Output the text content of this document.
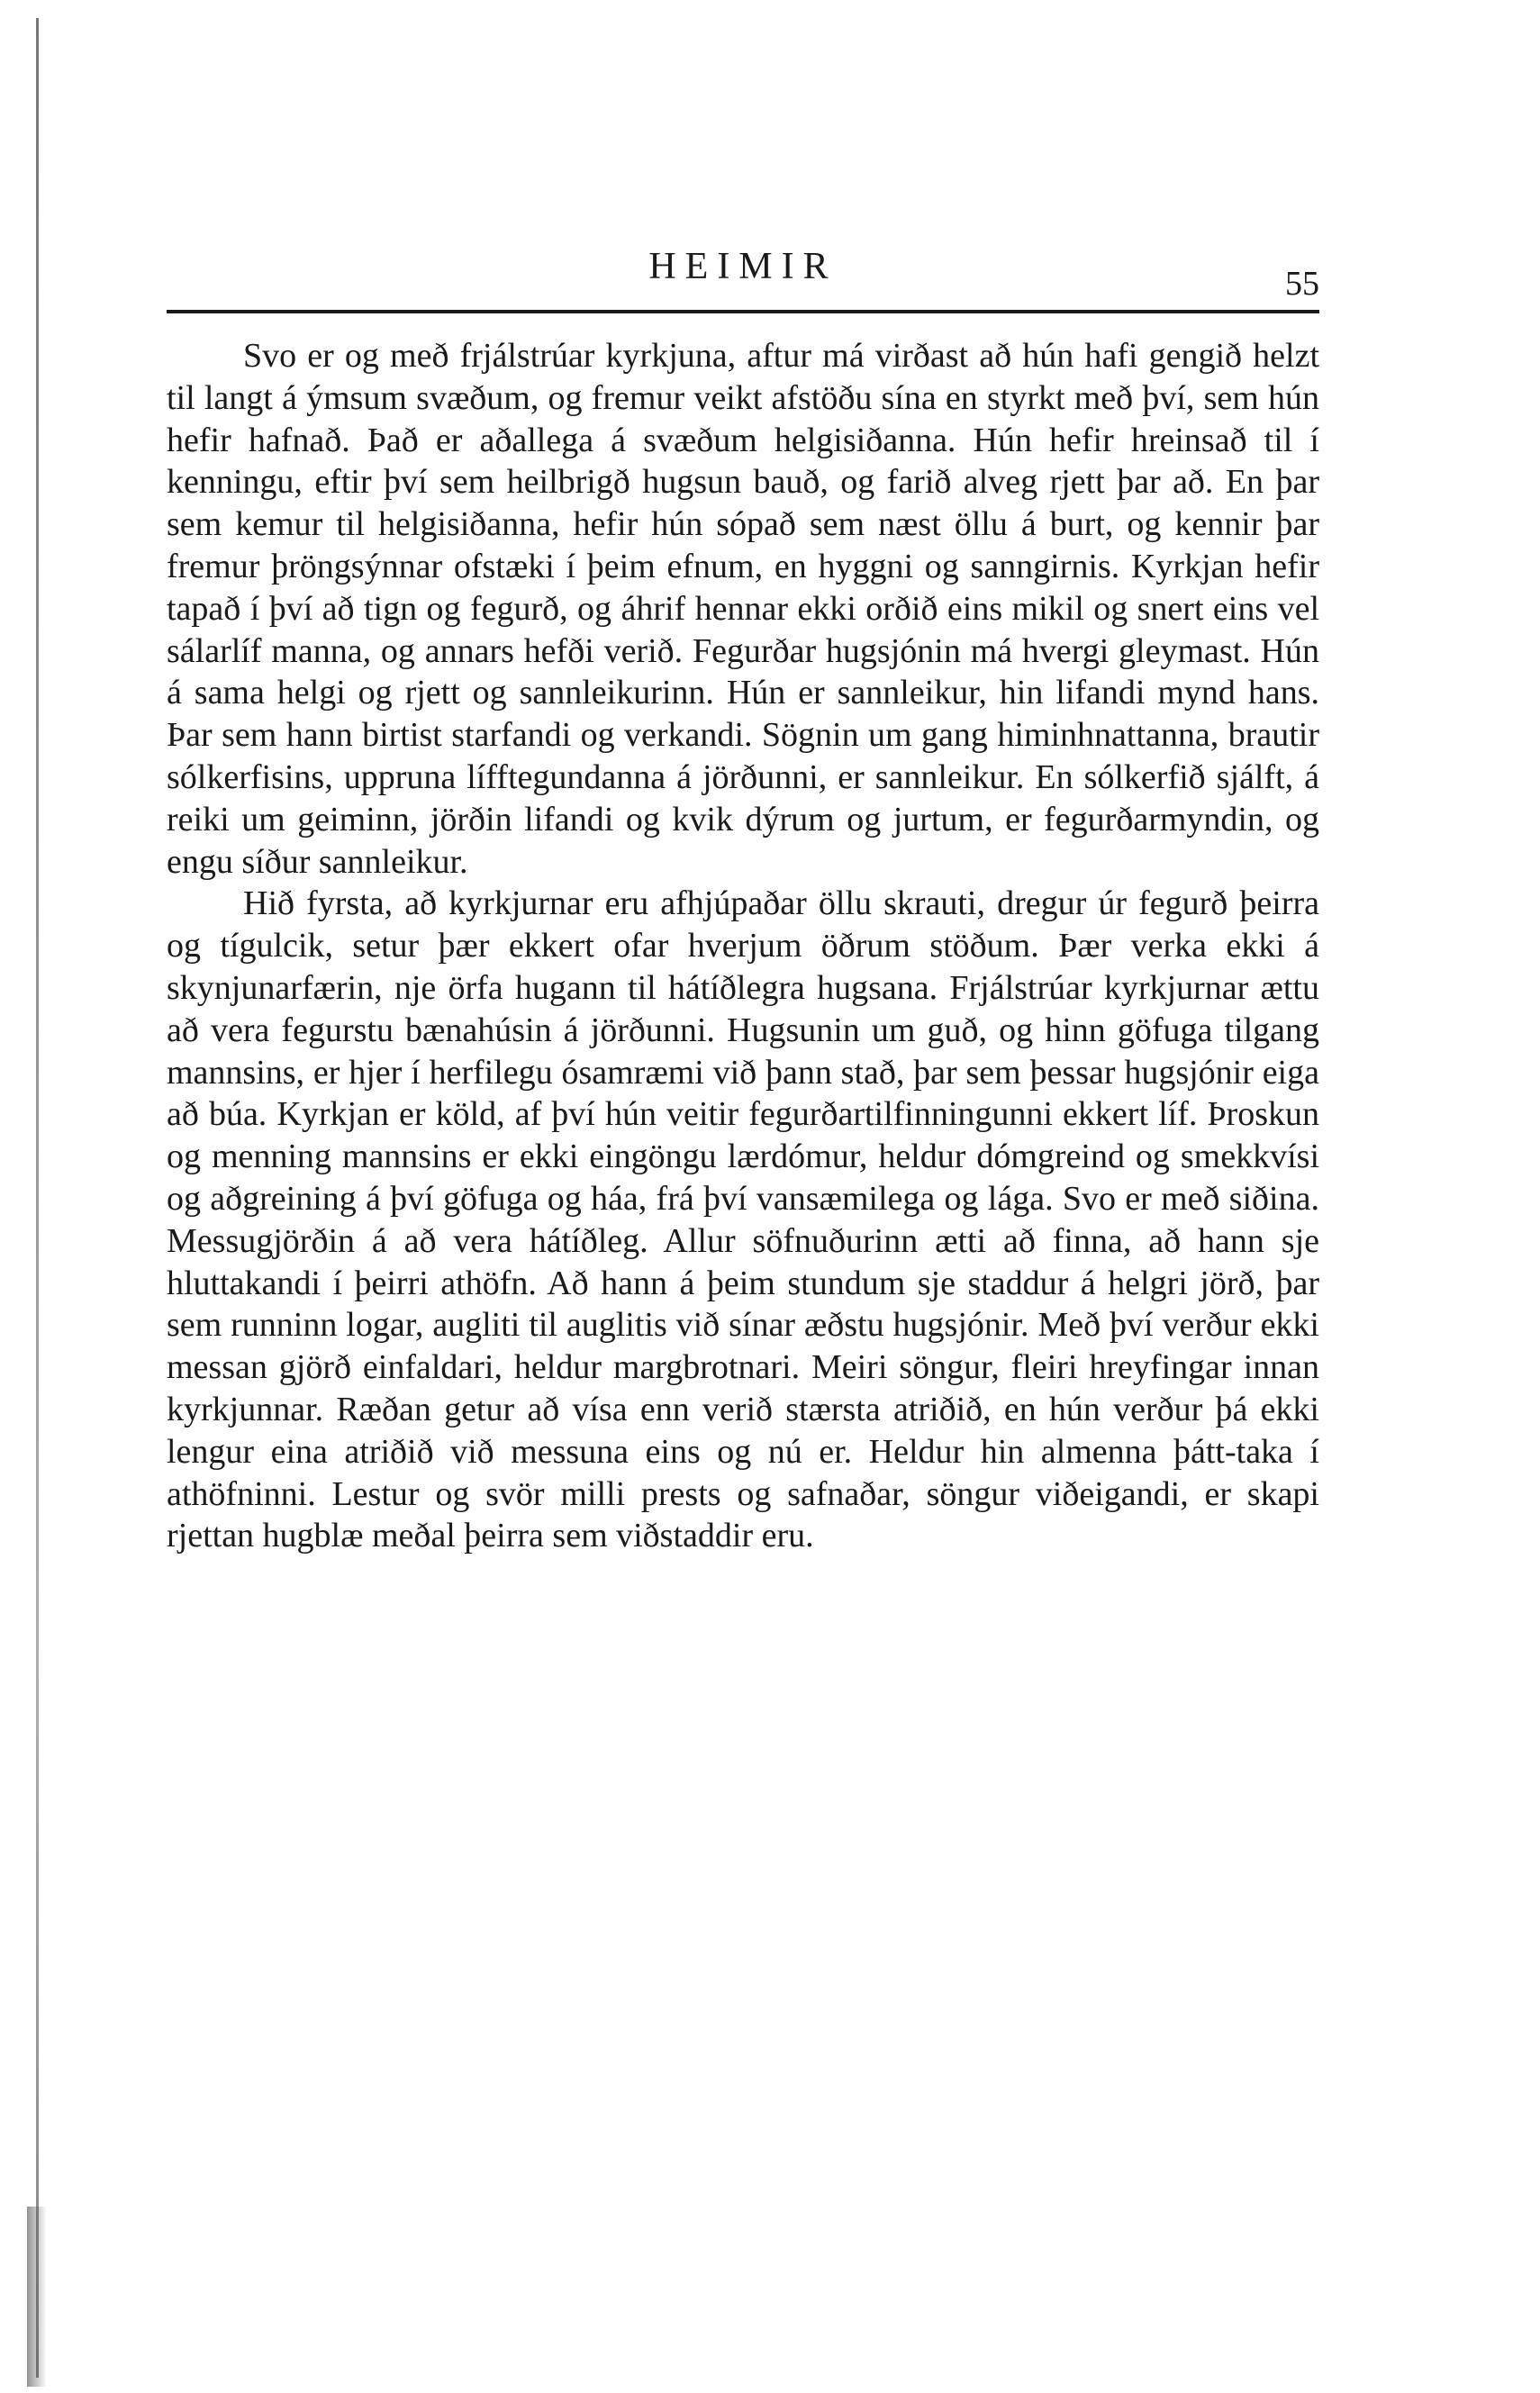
HEIMIR	55

Svo er og með frjálstrúar kyrkjuna, aftur má virðast að hún hafi gengið helzt til langt á ýmsum svæðum, og fremur veikt afstöðu sína en styrkt með því, sem hún hefir hafnað. Það er aðallega á svæðum helgisiðanna. Hún hefir hreinsað til í kenningu, eftir því sem heilbrigð hugsun bauð, og farið alveg rjett þar að. En þar sem kemur til helgisiðanna, hefir hún sópað sem næst öllu á burt, og kennir þar fremur þröngsýnnar ofstæki í þeim efnum, en hyggni og sanngirnis. Kyrkjan hefir tapað í því að tign og fegurð, og áhrif hennar ekki orðið eins mikil og snert eins vel sálarlíf manna, og annars hefði verið. Fegurðar hugsjónin má hvergi gleymast. Hún á sama helgi og rjett og sannleikurinn. Hún er sannleikur, hin lifandi mynd hans. Þar sem hann birtist starfandi og verkandi. Sögnin um gang himinhnattanna, brautir sólkerfisins, uppruna lífftegundanna á jörðunni, er sannleikur. En sólkerfið sjálft, á reiki um geiminn, jörðin lifandi og kvik dýrum og jurtum, er fegurðarmyndin, og engu síður sannleikur.

Hið fyrsta, að kyrkjurnar eru afhjúpaðar öllu skrauti, dregur úr fegurð þeirra og tígulcik, setur þær ekkert ofar hverjum öðrum stöðum. Þær verka ekki á skynjunarfærin, nje örfa hugann til hátíðlegra hugsana. Frjálstrúar kyrkjurnar ættu að vera fegurstu bænahúsin á jörðunni. Hugsunin um guð, og hinn göfuga tilgang mannsins, er hjer í herfilegu ósamræmi við þann stað, þar sem þessar hugsjónir eiga að búa. Kyrkjan er köld, af því hún veitir fegurðartilfinningunni ekkert líf. Þroskun og menning mannsins er ekki eingöngu lærdómur, heldur dómgreind og smekkvísi og aðgreining á því göfuga og háa, frá því vansæmilega og lága. Svo er með siðina. Messugjörðin á að vera hátíðleg. Allur söfnuðurinn ætti að finna, að hann sje hluttakandi í þeirri athöfn. Að hann á þeim stundum sje staddur á helgri jörð, þar sem runninn logar, augliti til auglitis við sínar æðstu hugsjónir. Með því verður ekki messan gjörð einfaldari, heldur margbrotnari. Meiri söngur, fleiri hreyfingar innan kyrkjunnar. Ræðan getur að vísa enn verið stærsta atriðið, en hún verður þá ekki lengur eina atriðið við messuna eins og nú er. Heldur hin almenna þátt-taka í athöfninni. Lestur og svör milli prests og safnaðar, söngur viðeigandi, er skapi rjettan hugblæ meðal þeirra sem viðstaddir eru.
